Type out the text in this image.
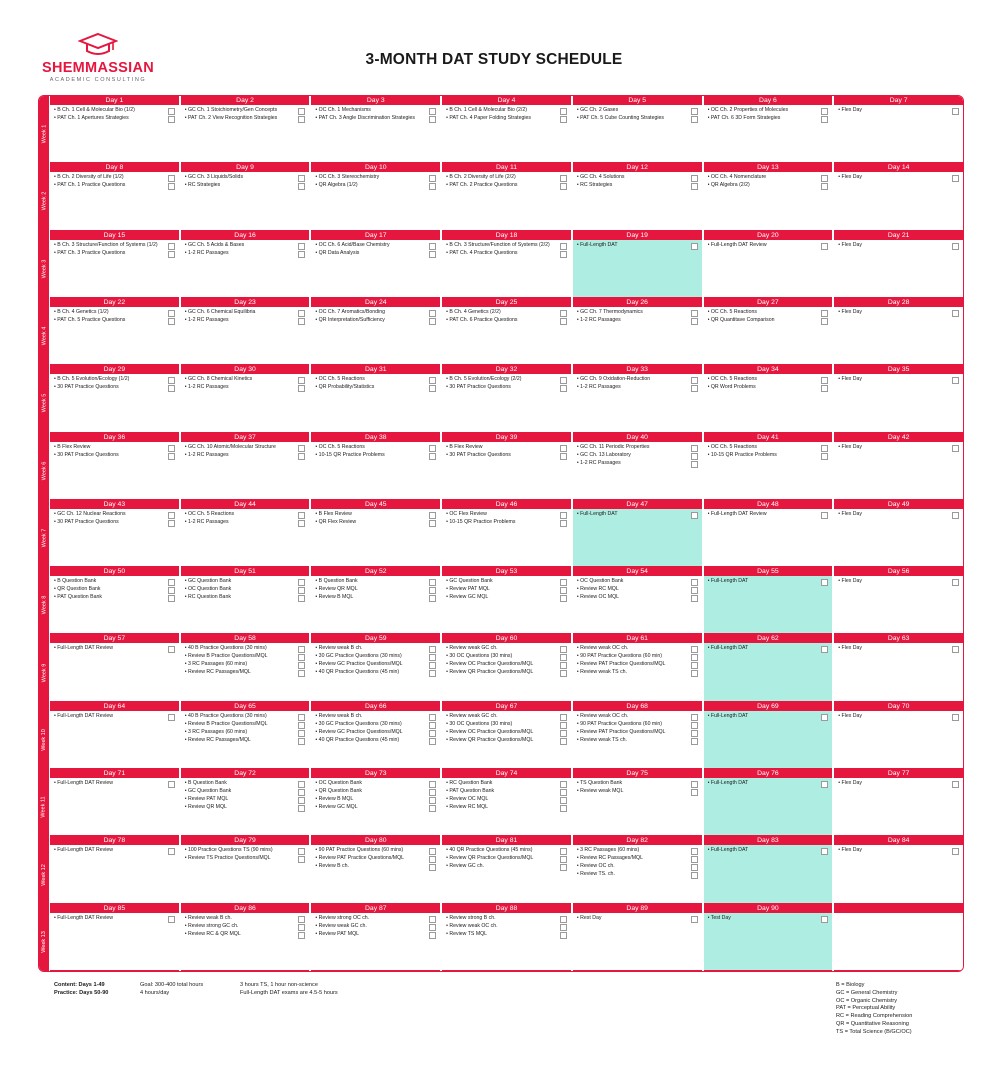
SHEMMASSIAN
ACADEMIC CONSULTING
3-MONTH DAT STUDY SCHEDULE
Week 1
Week 2
Week 3
Week 4
Week 5
Week 6
Week 7
Week 8
Week 9
Week 10
Week 11
Week 12
Week 13
Day 1
• B Ch. 1 Cell & Molecular Bio (1/2)
• PAT Ch. 1 Apertures Strategies
Day 2
• GC Ch. 1 Stoichiometry/Gen Concepts
• PAT Ch. 2 View Recognition Strategies
Day 3
• OC Ch. 1 Mechanisms
• PAT Ch. 3 Angle Discrimination Strategies
Day 4
• B Ch. 1 Cell & Molecular Bio (2/2)
• PAT Ch. 4 Paper Folding Strategies
Day 5
• GC Ch. 2 Gases
• PAT Ch. 5 Cube Counting Strategies
Day 6
• OC Ch. 2 Properties of Molecules
• PAT Ch. 6 3D Form Strategies
Day 7
• Flex Day
Day 8
• B Ch. 2 Diversity of Life (1/2)
• PAT Ch. 1 Practice Questions
Day 9
• GC Ch. 3 Liquids/Solids
• RC Strategies
Day 10
• OC Ch. 3 Stereochemistry
• QR Algebra (1/2)
Day 11
• B Ch. 2 Diversity of Life (2/2)
• PAT Ch. 2 Practice Questions
Day 12
• GC Ch. 4 Solutions
• RC Strategies
Day 13
• OC Ch. 4 Nomenclature
• QR Algebra (2/2)
Day 14
• Flex Day
Day 15
• B Ch. 3 Structure/Function of Systems (1/2)
• PAT Ch. 3 Practice Questions
Day 16
• GC Ch. 5 Acids & Bases
• 1-2 RC Passages
Day 17
• OC Ch. 6 Acid/Base Chemistry
• QR Data Analysis
Day 18
• B Ch. 3 Structure/Function of Systems (2/2)
• PAT Ch. 4 Practice Questions
Day 19
• Full-Length DAT
Day 20
• Full-Length DAT Review
Day 21
• Flex Day
Day 22
• B Ch. 4 Genetics (1/2)
• PAT Ch. 5 Practice Questions
Day 23
• GC Ch. 6 Chemical Equilibria
• 1-2 RC Passages
Day 24
• OC Ch. 7 Aromatics/Bonding
• QR Interpretation/Sufficiency
Day 25
• B Ch. 4 Genetics (2/2)
• PAT Ch. 6 Practice Questions
Day 26
• GC Ch. 7 Thermodynamics
• 1-2 RC Passages
Day 27
• OC Ch. 5 Reactions
• QR Quantitave Comparison
Day 28
• Flex Day
Day 29
• B Ch. 5 Evolution/Ecology (1/2)
• 30 PAT Practice Questions
Day 30
• GC Ch. 8 Chemical Kinetics
• 1-2 RC Passages
Day 31
• OC Ch. 5 Reactions
• QR Probability/Statistics
Day 32
• B Ch. 5 Evolution/Ecology (2/2)
• 30 PAT Practice Questions
Day 33
• GC Ch. 9 Oxidation-Reduction
• 1-2 RC Passages
Day 34
• OC Ch. 5 Reactions
• QR Word Problems
Day 35
• Flex Day
Day 36
• B Flex Review
• 30 PAT Practice Questions
Day 37
• GC Ch. 10 Atomic/Molecular Structure
• 1-2 RC Passages
Day 38
• OC Ch. 5 Reactions
• 10-15 QR Practice Problems
Day 39
• B Flex Review
• 30 PAT Practice Questions
Day 40
• GC Ch. 11 Periodic Properties
• GC Ch. 13 Laboratory
• 1-2 RC Passages
Day 41
• OC Ch. 5 Reactions
• 10-15 QR Practice Problems
Day 42
• Flex Day
Day 43
• GC Ch. 12 Nuclear Reactions
• 30 PAT Practice Questions
Day 44
• OC Ch. 5 Reactions
• 1-2 RC Passages
Day 45
• B Flex Review
• QR Flex Review
Day 46
• OC Flex Review
• 10-15 QR Practice Problems
Day 47
• Full-Length DAT
Day 48
• Full-Length DAT Review
Day 49
• Flex Day
Day 50
• B Question Bank
• QR Question Bank
• PAT Question Bank
Day 51
• GC Question Bank
• OC Question Bank
• RC Question Bank
Day 52
• B Question Bank
• Review QR MQL
• Review B MQL
Day 53
• GC Question Bank
• Review PAT MQL
• Review GC MQL
Day 54
• OC Question Bank
• Review RC MQL
• Review OC MQL
Day 55
• Full-Length DAT
Day 56
• Flex Day
Day 57
• Full-Length DAT Review
Day 58
• 40 B Practice Questions (30 mins)
• Review B Practice Questions/MQL
• 3 RC Passages (60 mins)
• Review RC Passages/MQL
Day 59
• Review weak B ch.
• 30 GC Practice Questions (30 mins)
• Review GC Practice Questions/MQL
• 40 QR Practice Questions (45 min)
Day 60
• Review weak GC ch.
• 30 OC Questions (30 mins)
• Review OC Practice Questions/MQL
• Review QR Practice Questions/MQL
Day 61
• Review weak OC ch.
• 90 PAT Practice Questions (60 min)
• Review PAT Practice Questions/MQL
• Review weak TS ch.
Day 62
• Full-Length DAT
Day 63
• Flex Day
Day 64
• Full-Length DAT Review
Day 65
• 40 B Practice Questions (30 mins)
• Review B Practice Questions/MQL
• 3 RC Passages (60 mins)
• Review RC Passages/MQL
Day 66
• Review weak B ch.
• 30 GC Practice Questions (30 mins)
• Review GC Practice Questions/MQL
• 40 QR Practice Questions (45 min)
Day 67
• Review weak GC ch.
• 30 OC Questions (30 mins)
• Review OC Practice Questions/MQL
• Review QR Practice Questions/MQL
Day 68
• Review weak OC ch.
• 90 PAT Practice Questions (60 min)
• Review PAT Practice Questions/MQL
• Review weak TS ch.
Day 69
• Full-Length DAT
Day 70
• Flex Day
Day 71
• Full-Length DAT Review
Day 72
• B Question Bank
• GC Question Bank
• Review PAT MQL
• Review QR MQL
Day 73
• OC Question Bank
• QR Question Bank
• Review B MQL
• Review GC MQL
Day 74
• RC Question Bank
• PAT Question Bank
• Review OC MQL
• Review RC MQL
Day 75
• TS Question Bank
• Review weak MQL
Day 76
• Full-Length DAT
Day 77
• Flex Day
Day 78
• Full-Length DAT Review
Day 79
• 100 Practice Questions TS (90 mins)
• Review TS Practice Questions/MQL
Day 80
• 90 PAT Practice Questions (60 mins)
• Review PAT Practice Questions/MQL
• Review B ch.
Day 81
• 40 QR Practice Questions (45 mins)
• Review QR Practice Questions/MQL
• Review GC ch.
Day 82
• 3 RC Passages (60 mins)
• Review RC Passages/MQL
• Review OC ch.
• Review TS. ch.
Day 83
• Full-Length DAT
Day 84
• Flex Day
Day 85
• Full-Length DAT Review
Day 86
• Review weak B ch.
• Review strong GC ch.
• Review RC & QR MQL
Day 87
• Review strong OC ch.
• Review weak GC ch.
• Review PAT MQL
Day 88
• Review strong B ch.
• Review weak OC ch.
• Review TS MQL
Day 89
• Rest Day
Day 90
• Test Day
Content: Days 1-49
Practice: Days 50-90
Goal: 300-400 total hours
4 hours/day
3 hours TS, 1 hour non-science
Full-Length DAT exams are 4.5-5 hours
B = Biology
GC = General Chemistry
OC = Organic Chemistry
PAT = Perceptual Ability
RC = Reading Comprehension
QR = Quantitative Reasoning
TS = Total Science (B/GC/OC)
